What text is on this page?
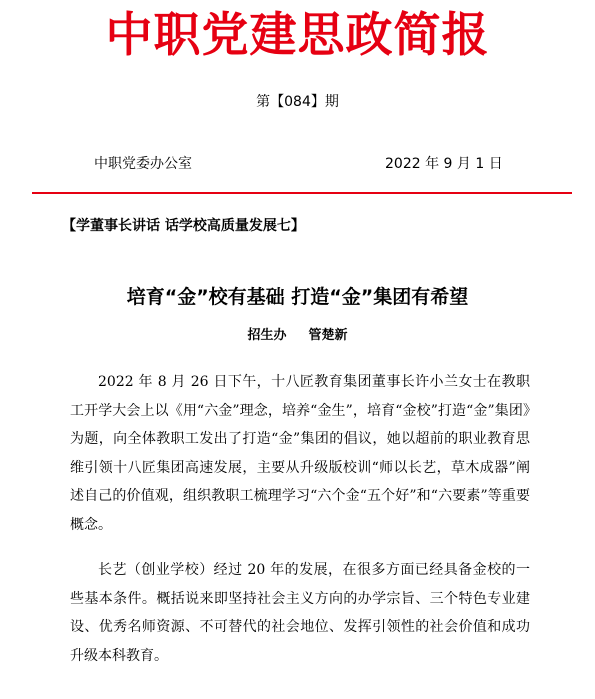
中职党建思政简报
第【084】期
中职党委办公室	2022 年 9 月 1 日
【学董事长讲话 话学校高质量发展七】
培育“金”校有基础 打造“金”集团有希望
招生办 管楚新

2022 年 8 月 26 日下午，十八匠教育集团董事长许小兰女士在教职工开学大会上以《用“六金”理念，培养“金生”，培育“金校”打造“金”集团》为题，向全体教职工发出了打造“金”集团的倡议，她以超前的职业教育思维引领十八匠集团高速发展，主要从升级版校训“师以长艺，草木成器”阐述自己的价值观，组织教职工梳理学习“六个金“五个好”和“六要素”等重要概念。

长艺（创业学校）经过 20 年的发展，在很多方面已经具备金校的一些基本条件。概括说来即坚持社会主义方向的办学宗旨、三个特色专业建设、优秀名师资源、不可替代的社会地位、发挥引领性的社会价值和成功升级本科教育。
